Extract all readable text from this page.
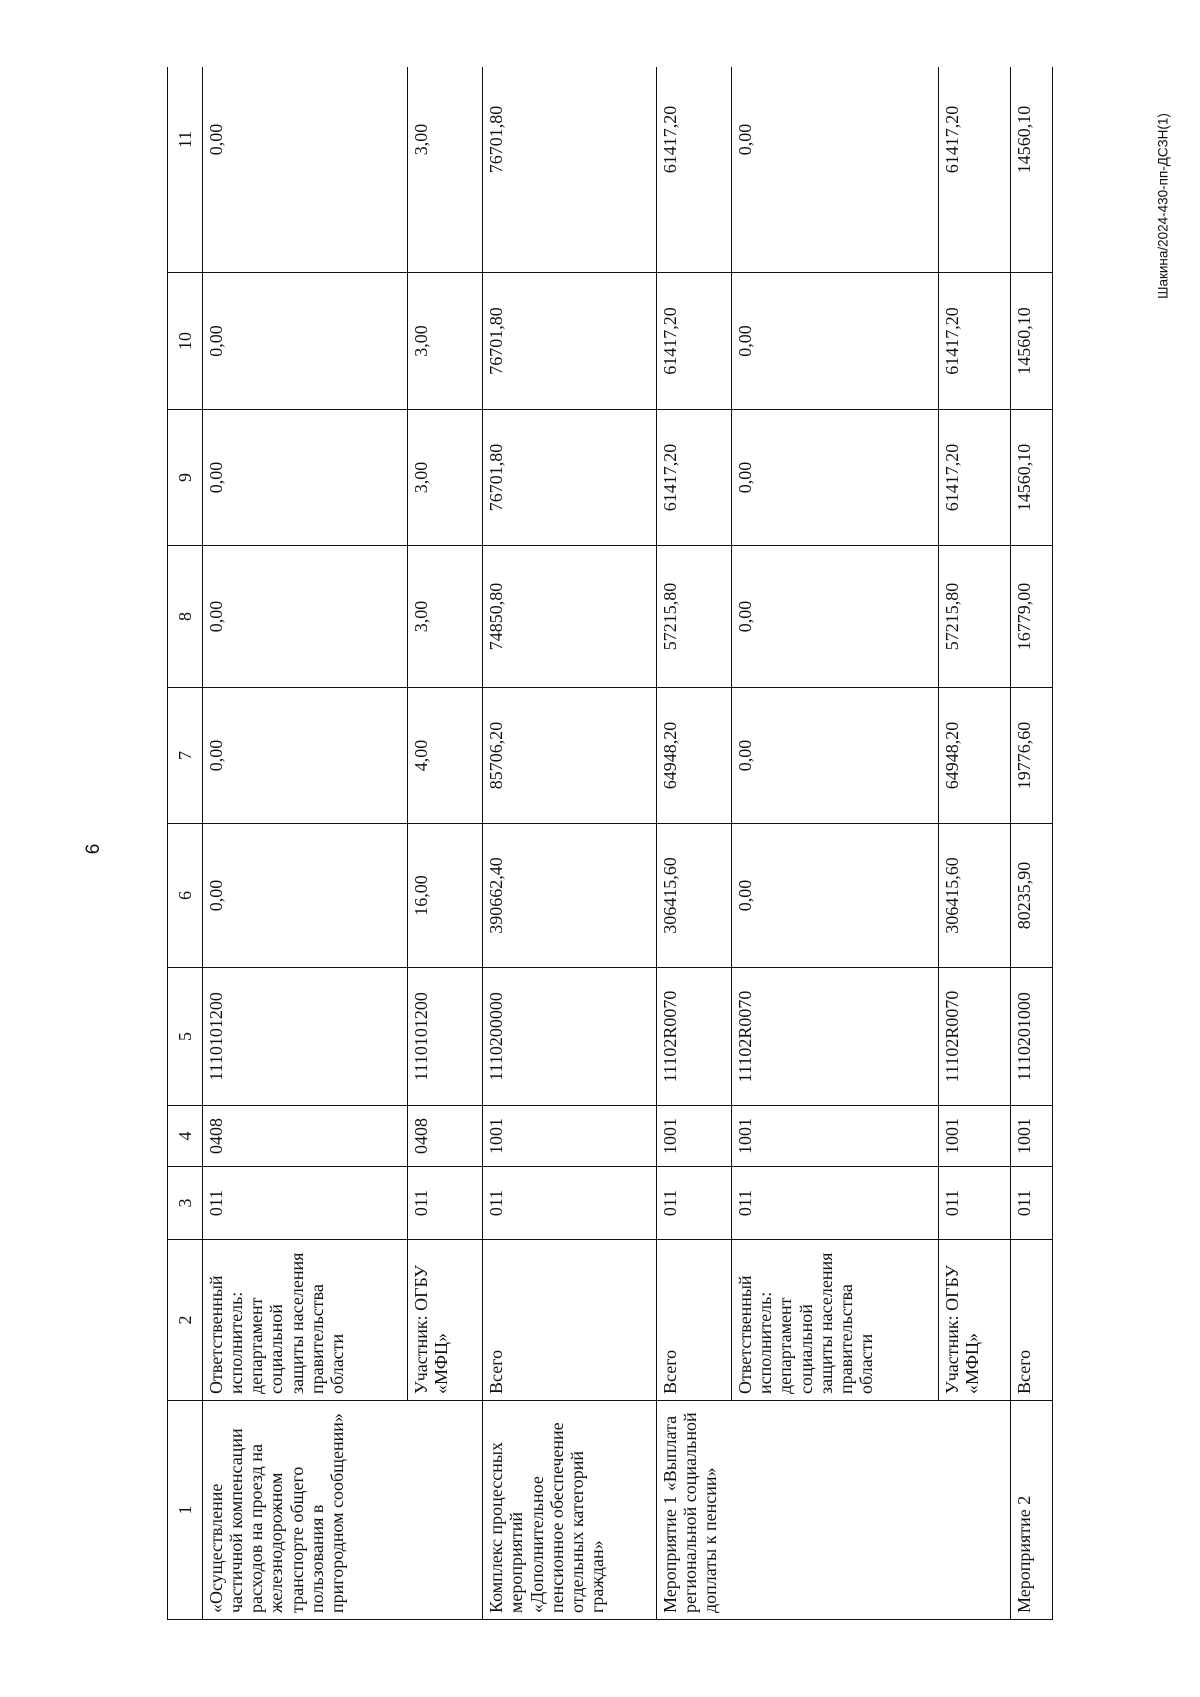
6
Шакина/2024-430-пп-ДСЗН(1)
1	2	3	4	5	6	7	8	9	10	11
«Осуществление частичной компенсации расходов на проезд на железнодорожном транспорте общего пользования в пригородном сообщении»	Ответственный исполнитель: департамент социальной защиты населения правительства области	011	0408	1110101200	0,00	0,00	0,00	0,00	0,00	0,00
	Участник: ОГБУ «МФЦ»	011	0408	1110101200	16,00	4,00	3,00	3,00	3,00	3,00
Комплекс процессных мероприятий «Дополнительное пенсионное обеспечение отдельных категорий граждан»	Всего	011	1001	1110200000	390662,40	85706,20	74850,80	76701,80	76701,80	76701,80
Мероприятие 1 «Выплата региональной социальной доплаты к пенсии»	Всего	011	1001	11102R0070	306415,60	64948,20	57215,80	61417,20	61417,20	61417,20
	Ответственный исполнитель: департамент социальной защиты населения правительства области	011	1001	11102R0070	0,00	0,00	0,00	0,00	0,00	0,00
	Участник: ОГБУ «МФЦ»	011	1001	11102R0070	306415,60	64948,20	57215,80	61417,20	61417,20	61417,20
Мероприятие 2	Всего	011	1001	1110201000	80235,90	19776,60	16779,00	14560,10	14560,10	14560,10
